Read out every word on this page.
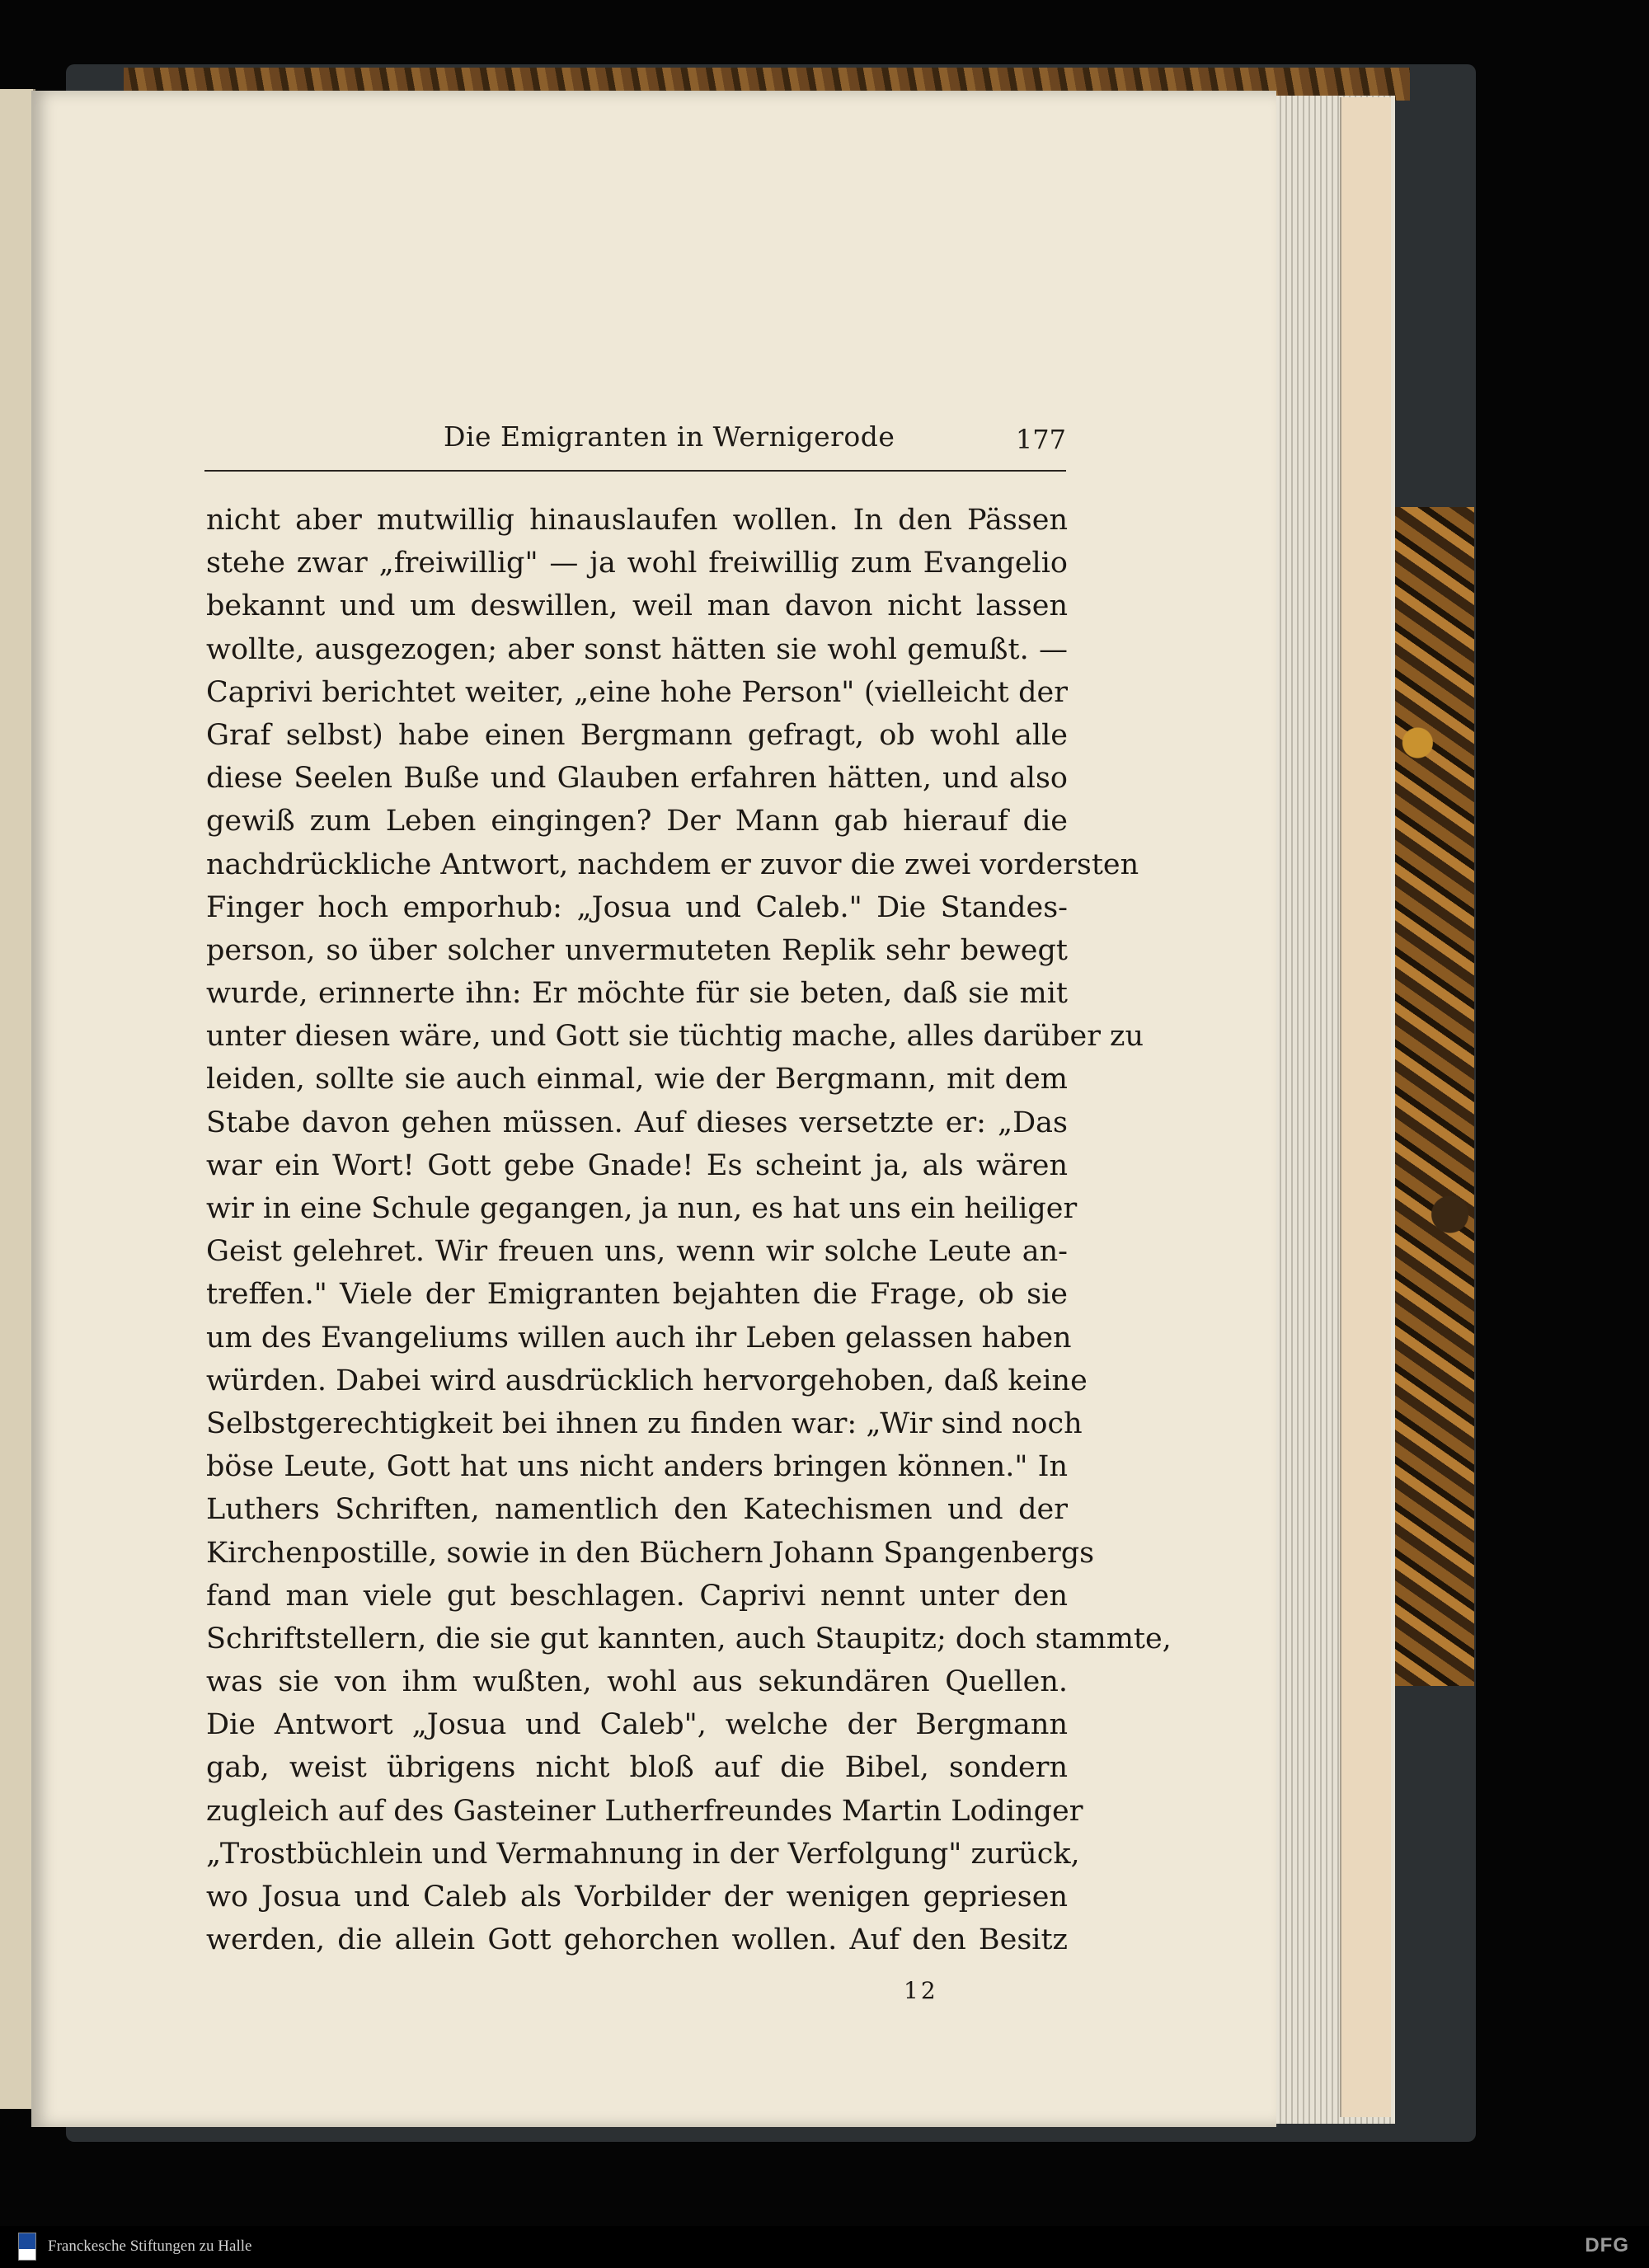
Die Emigranten in Wernigerode	177
nicht aber mutwillig hinauslaufen wollen. In den Pässen
stehe zwar „freiwillig" — ja wohl freiwillig zum Evangelio
bekannt und um deswillen, weil man davon nicht lassen
wollte, ausgezogen; aber sonst hätten sie wohl gemußt. —
Caprivi berichtet weiter, „eine hohe Person" (vielleicht der
Graf selbst) habe einen Bergmann gefragt, ob wohl alle
diese Seelen Buße und Glauben erfahren hätten, und also
gewiß zum Leben eingingen? Der Mann gab hierauf die
nachdrückliche Antwort, nachdem er zuvor die zwei vordersten
Finger hoch emporhub: „Josua und Caleb." Die Standes-
person, so über solcher unvermuteten Replik sehr bewegt
wurde, erinnerte ihn: Er möchte für sie beten, daß sie mit
unter diesen wäre, und Gott sie tüchtig mache, alles darüber zu
leiden, sollte sie auch einmal, wie der Bergmann, mit dem
Stabe davon gehen müssen. Auf dieses versetzte er: „Das
war ein Wort! Gott gebe Gnade! Es scheint ja, als wären
wir in eine Schule gegangen, ja nun, es hat uns ein heiliger
Geist gelehret. Wir freuen uns, wenn wir solche Leute an-
treffen." Viele der Emigranten bejahten die Frage, ob sie
um des Evangeliums willen auch ihr Leben gelassen haben
würden. Dabei wird ausdrücklich hervorgehoben, daß keine
Selbstgerechtigkeit bei ihnen zu finden war: „Wir sind noch
böse Leute, Gott hat uns nicht anders bringen können." In
Luthers Schriften, namentlich den Katechismen und der
Kirchenpostille, sowie in den Büchern Johann Spangenbergs
fand man viele gut beschlagen. Caprivi nennt unter den
Schriftstellern, die sie gut kannten, auch Staupitz; doch stammte,
was sie von ihm wußten, wohl aus sekundären Quellen.
Die Antwort „Josua und Caleb", welche der Bergmann
gab, weist übrigens nicht bloß auf die Bibel, sondern
zugleich auf des Gasteiner Lutherfreundes Martin Lodinger
„Trostbüchlein und Vermahnung in der Verfolgung" zurück,
wo Josua und Caleb als Vorbilder der wenigen gepriesen
werden, die allein Gott gehorchen wollen. Auf den Besitz
12
Franckesche Stiftungen zu Halle	DFG
